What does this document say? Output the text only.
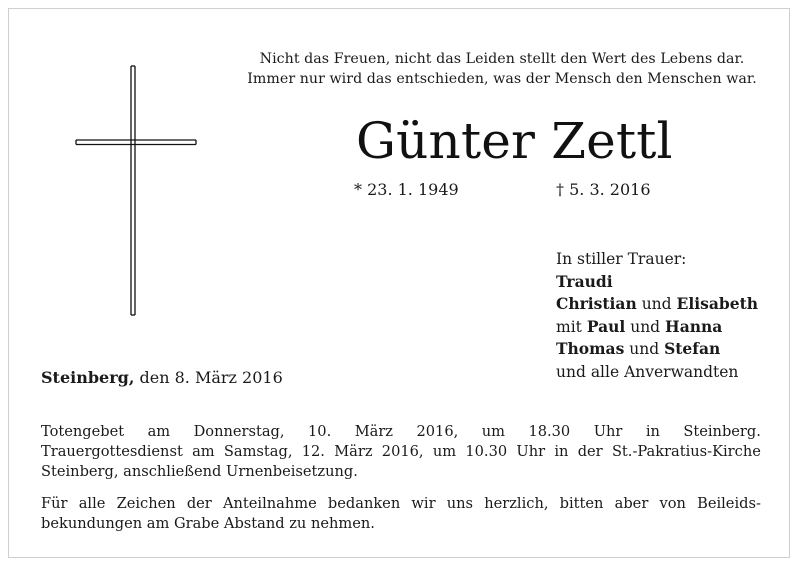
Nicht das Freuen, nicht das Leiden stellt den Wert des Lebens dar.
Immer nur wird das entschieden, was der Mensch den Menschen war.
Günter Zettl
* 23. 1. 1949	† 5. 3. 2016
In stiller Trauer:
Traudi
Christian und Elisabeth
mit Paul und Hanna
Thomas und Stefan
und alle Anverwandten
Steinberg, den 8. März 2016
Totengebet am Donnerstag, 10. März 2016, um 18.30 Uhr in Steinberg.
Trauergottesdienst am Samstag, 12. März 2016, um 10.30 Uhr in der St.-Pakratius-Kirche
Steinberg, anschließend Urnenbeisetzung.
Für alle Zeichen der Anteilnahme bedanken wir uns herzlich, bitten aber von Beileids-
bekundungen am Grabe Abstand zu nehmen.
